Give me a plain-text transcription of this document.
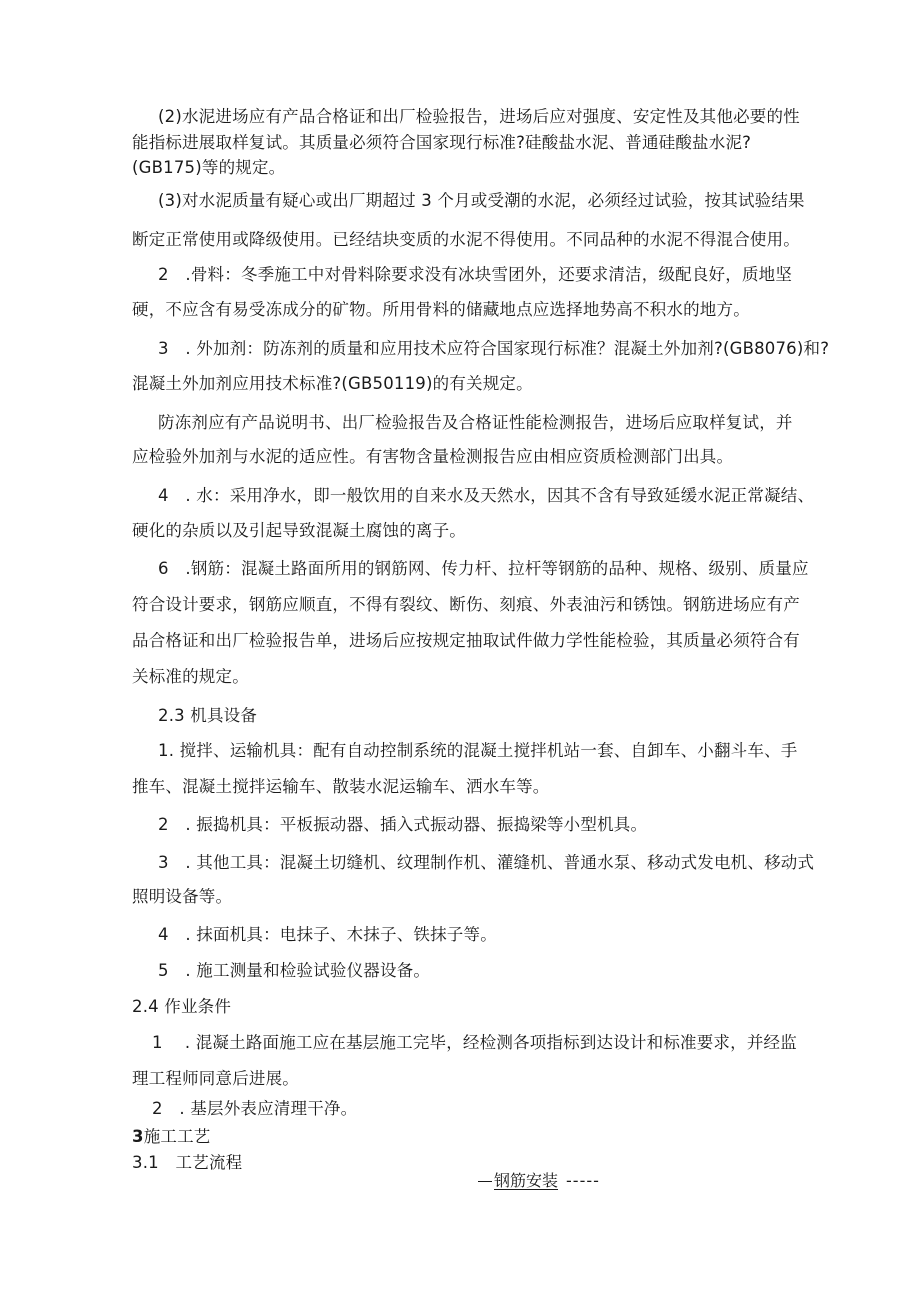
(2)水泥进场应有产品合格证和出厂检验报告，进场后应对强度、安定性及其他必要的性
能指标进展取样复试。其质量必须符合国家现行标准?硅酸盐水泥、普通硅酸盐水泥?
(GB175)等的规定。
(3)对水泥质量有疑心或出厂期超过 3 个月或受潮的水泥，必须经过试验，按其试验结果
断定正常使用或降级使用。已经结块变质的水泥不得使用。不同品种的水泥不得混合使用。
2　.骨料：冬季施工中对骨料除要求没有冰块雪团外，还要求清洁，级配良好，质地坚
硬，不应含有易受冻成分的矿物。所用骨料的储藏地点应选择地势高不积水的地方。
3　. 外加剂：防冻剂的质量和应用技术应符合国家现行标准？混凝土外加剂?(GB8076)和?
混凝土外加剂应用技术标准?(GB50119)的有关规定。
防冻剂应有产品说明书、出厂检验报告及合格证性能检测报告，进场后应取样复试，并
应检验外加剂与水泥的适应性。有害物含量检测报告应由相应资质检测部门出具。
4　. 水：采用净水，即一般饮用的自来水及天然水，因其不含有导致延缓水泥正常凝结、
硬化的杂质以及引起导致混凝土腐蚀的离子。
6　.钢筋：混凝土路面所用的钢筋网、传力杆、拉杆等钢筋的品种、规格、级别、质量应
符合设计要求，钢筋应顺直，不得有裂纹、断伤、刻痕、外表油污和锈蚀。钢筋进场应有产
品合格证和出厂检验报告单，进场后应按规定抽取试件做力学性能检验，其质量必须符合有
关标准的规定。
2.3 机具设备
1. 搅拌、运输机具：配有自动控制系统的混凝土搅拌机站一套、自卸车、小翻斗车、手
推车、混凝土搅拌运输车、散装水泥运输车、洒水车等。
2　. 振捣机具：平板振动器、插入式振动器、振捣梁等小型机具。
3　. 其他工具：混凝土切缝机、纹理制作机、灌缝机、普通水泵、移动式发电机、移动式
照明设备等。
4　. 抹面机具：电抹子、木抹子、铁抹子等。
5　. 施工测量和检验试验仪器设备。
2.4 作业条件
1　 . 混凝土路面施工应在基层施工完毕，经检测各项指标到达设计和标准要求，并经监
理工程师同意后进展。
2　. 基层外表应清理干净。
3施工工艺
3.1　工艺流程
钢筋安装 -----
